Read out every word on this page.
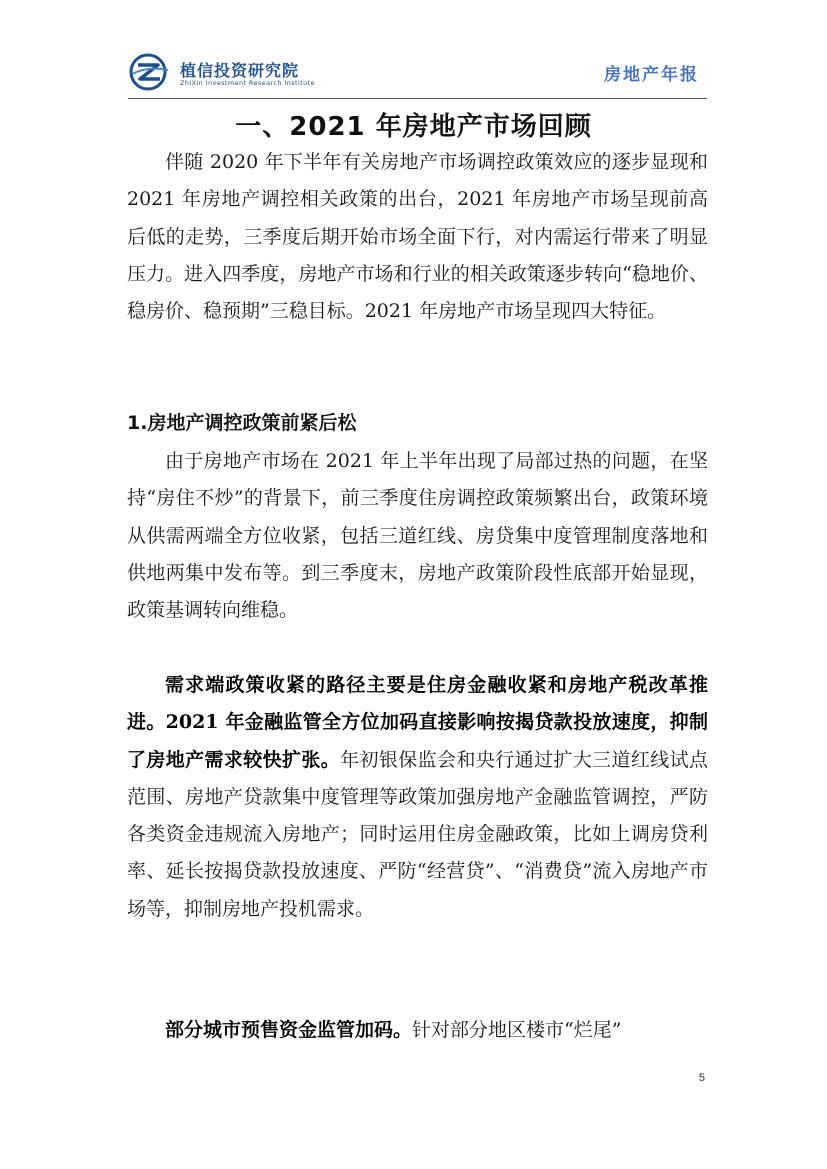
植信投资研究院
ZhiXin Investment Research Institute	房地产年报
一、2021 年房地产市场回顾

伴随 2020 年下半年有关房地产市场调控政策效应的逐步显现和 2021 年房地产调控相关政策的出台，2021 年房地产市场呈现前高后低的走势，三季度后期开始市场全面下行，对内需运行带来了明显压力。进入四季度，房地产市场和行业的相关政策逐步转向“稳地价、稳房价、稳预期”三稳目标。2021 年房地产市场呈现四大特征。

1.房地产调控政策前紧后松

由于房地产市场在 2021 年上半年出现了局部过热的问题，在坚持“房住不炒”的背景下，前三季度住房调控政策频繁出台，政策环境从供需两端全方位收紧，包括三道红线、房贷集中度管理制度落地和供地两集中发布等。到三季度末，房地产政策阶段性底部开始显现，政策基调转向维稳。

需求端政策收紧的路径主要是住房金融收紧和房地产税改革推进。2021 年金融监管全方位加码直接影响按揭贷款投放速度，抑制了房地产需求较快扩张。年初银保监会和央行通过扩大三道红线试点范围、房地产贷款集中度管理等政策加强房地产金融监管调控，严防各类资金违规流入房地产；同时运用住房金融政策，比如上调房贷利率、延长按揭贷款投放速度、严防“经营贷”、“消费贷”流入房地产市场等，抑制房地产投机需求。

部分城市预售资金监管加码。针对部分地区楼市“烂尾”

5
